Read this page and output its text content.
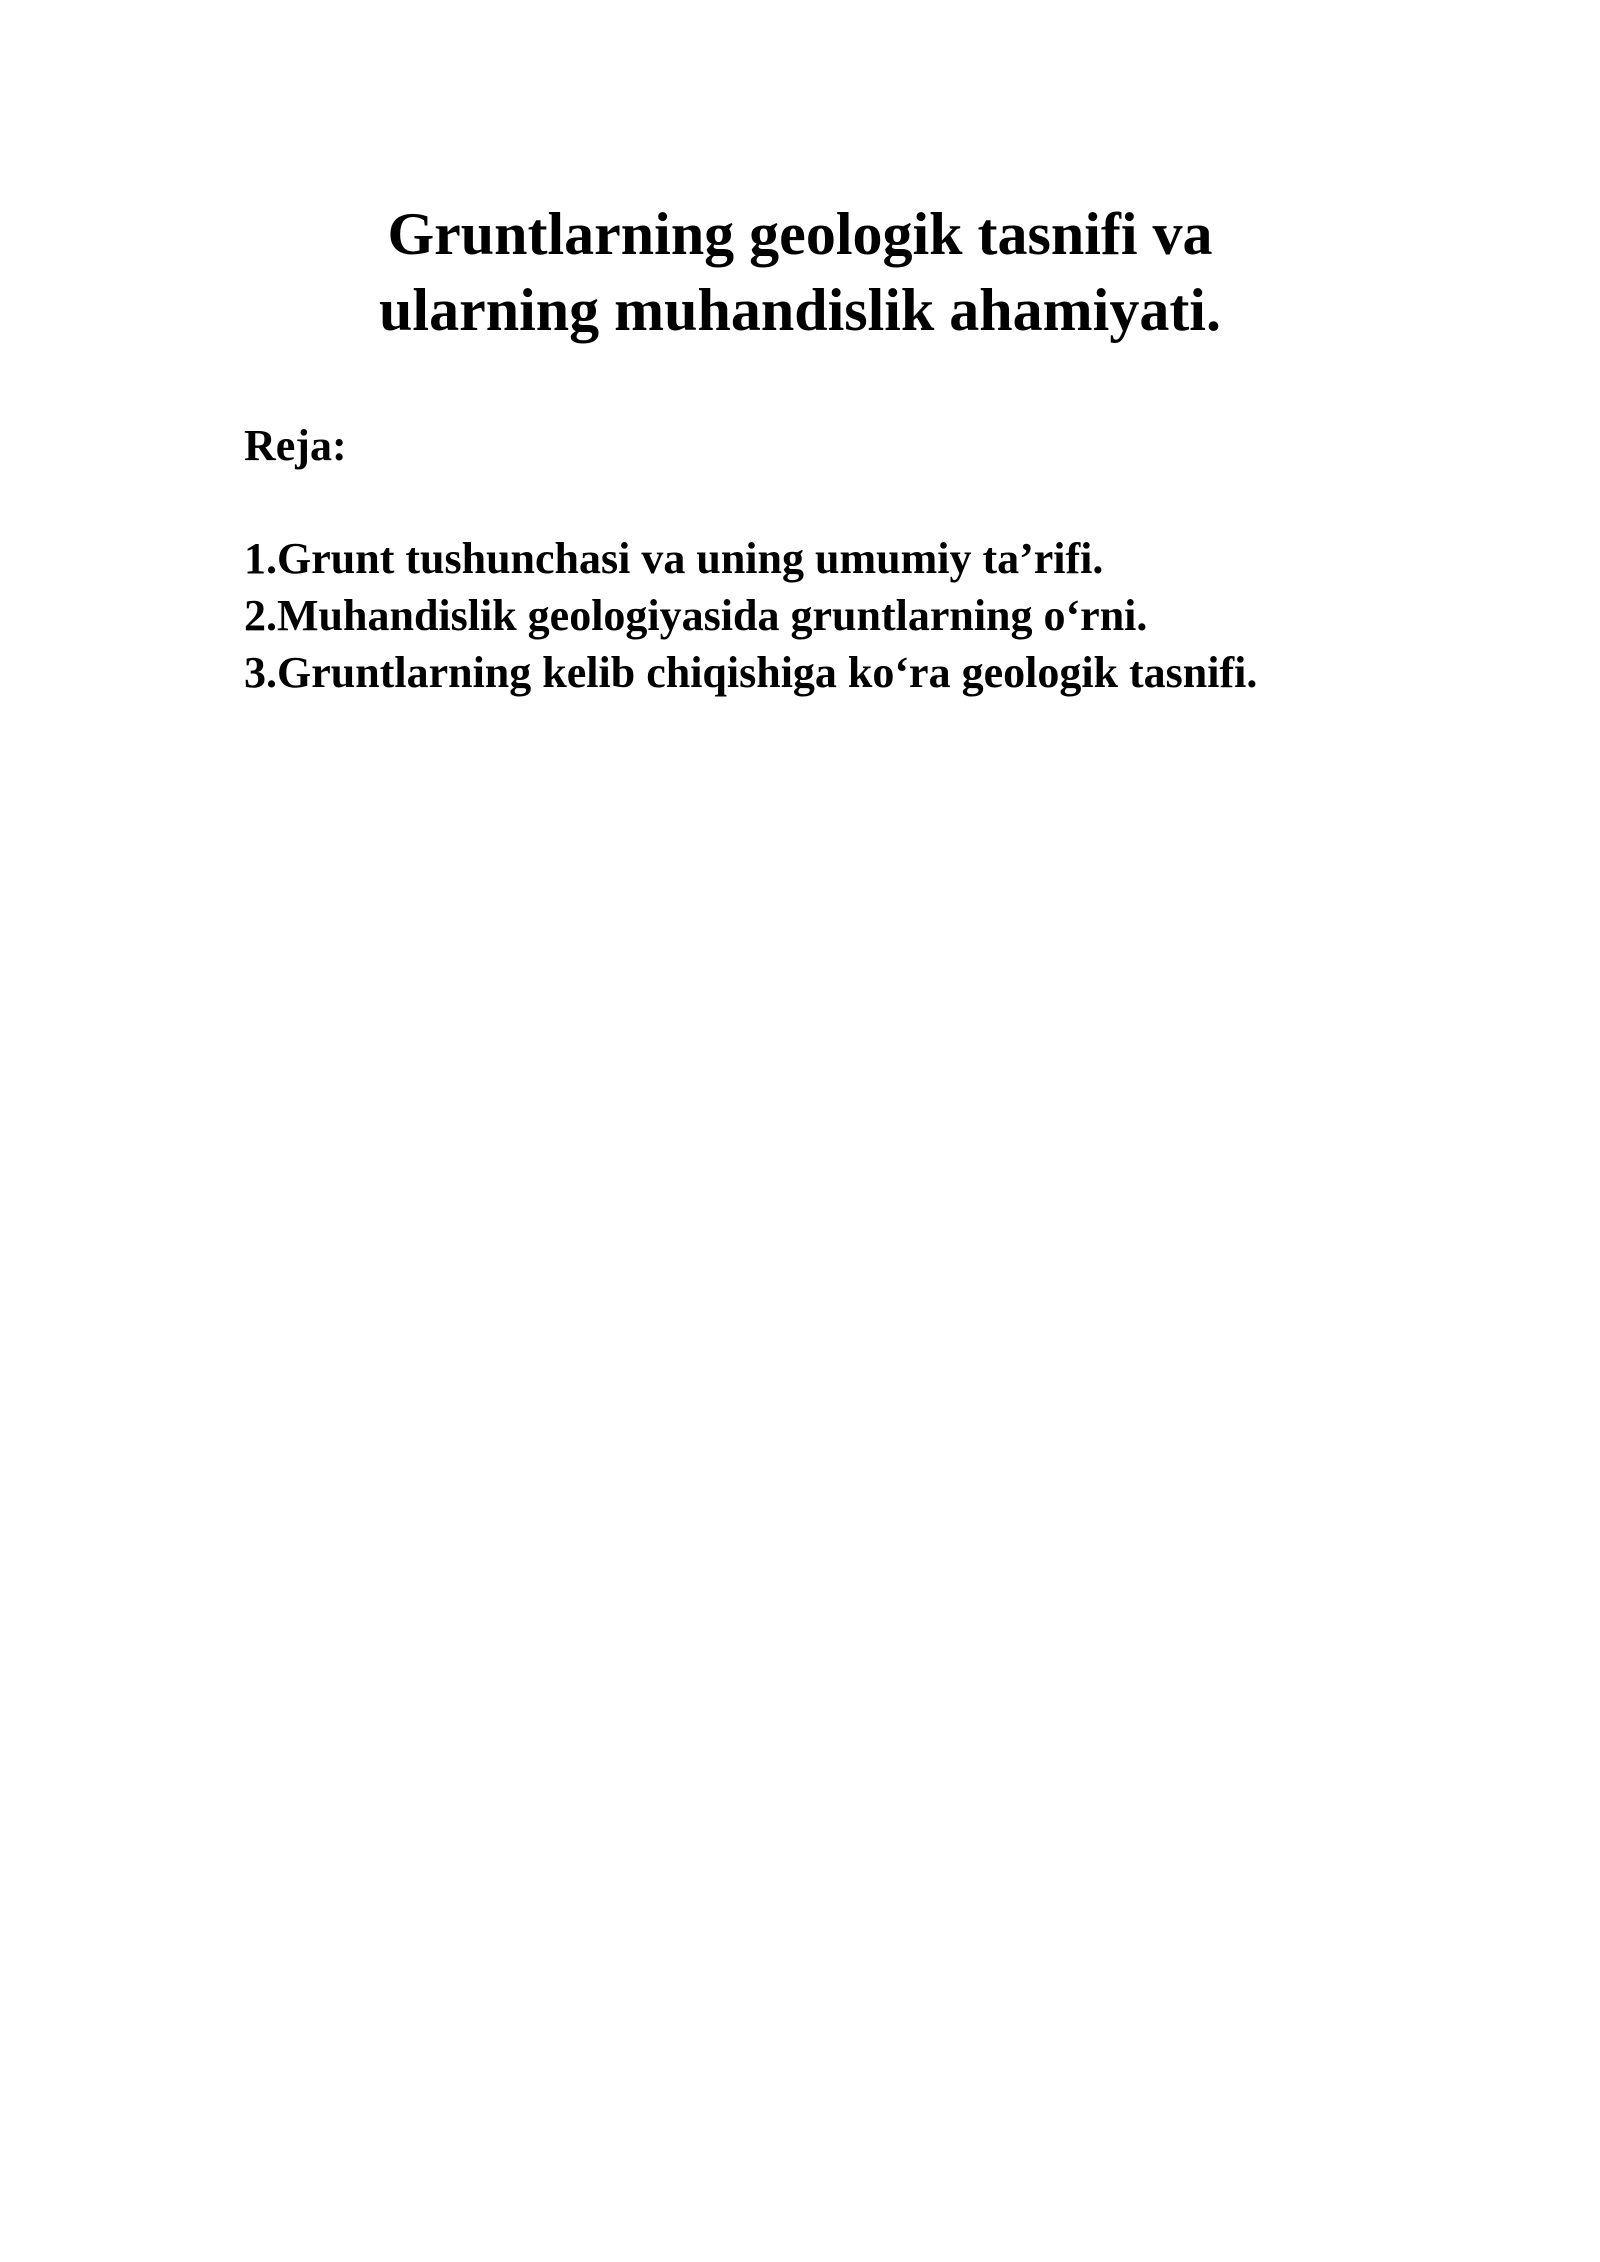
Gruntlarning geologik tasnifi va
ularning muhandislik ahamiyati.

Reja:

1.Grunt tushunchasi va uning umumiy ta’rifi.
2.Muhandislik geologiyasida gruntlarning o‘rni.
3.Gruntlarning kelib chiqishiga ko‘ra geologik tasnifi.
